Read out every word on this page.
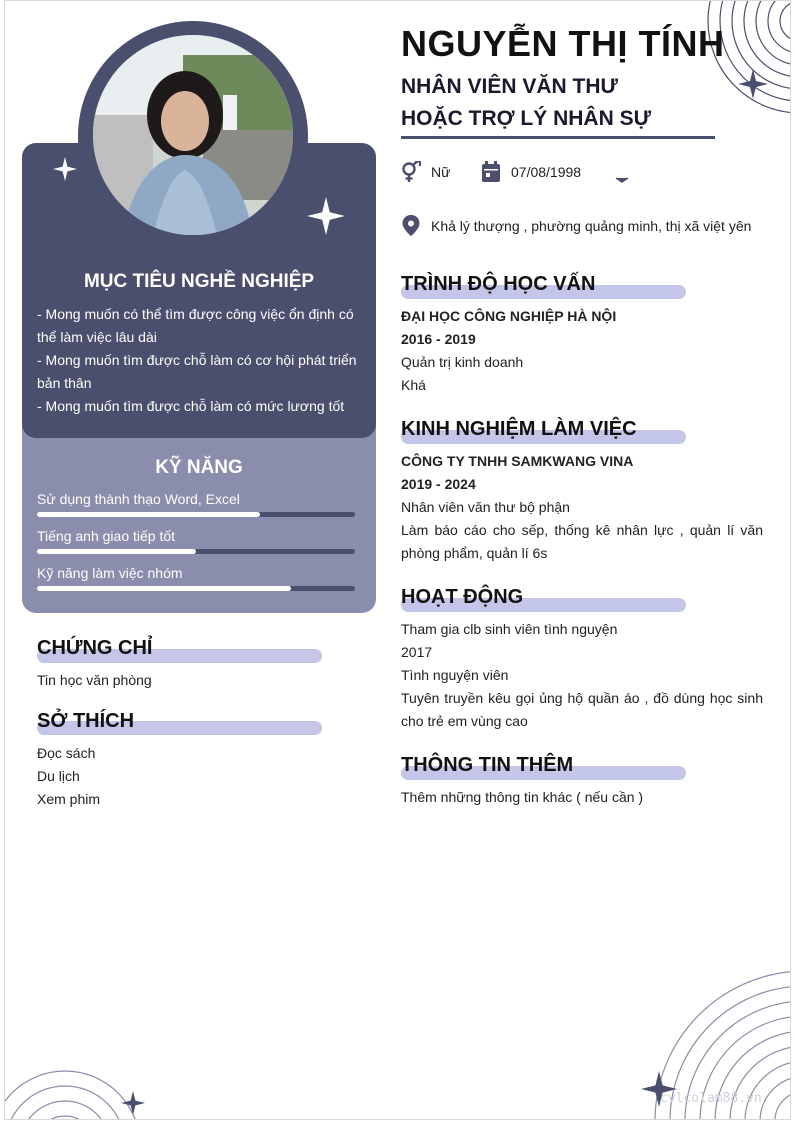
cvlcolam88.vn
MỤC TIÊU NGHỀ NGHIỆP
- Mong muốn có thể tìm được công việc ổn định có thể làm việc lâu dài
- Mong muốn tìm được chỗ làm có cơ hội phát triển bản thân
- Mong muốn tìm được chỗ làm có mức lương tốt
KỸ NĂNG
Sử dụng thành thạo Word, Excel
Tiếng anh giao tiếp tốt
Kỹ năng làm việc nhóm
CHỨNG CHỈ
Tin học văn phòng
SỞ THÍCH
Đọc sách
Du lịch
Xem phim
NGUYỄN THỊ TÍNH
NHÂN VIÊN VĂN THƯ
HOẶC TRỢ LÝ NHÂN SỰ
Nữ	07/08/1998
Khả lý thượng , phường quảng minh, thị xã việt yên
TRÌNH ĐỘ HỌC VẤN
ĐẠI HỌC CÔNG NGHIỆP HÀ NỘI
2016 - 2019
Quản trị kinh doanh
Khá
KINH NGHIỆM LÀM VIỆC
CÔNG TY TNHH SAMKWANG VINA
2019 - 2024
Nhân viên văn thư bộ phận
Làm báo cáo cho sếp, thống kê nhân lực , quản lí văn phòng phẩm, quản lí 6s
HOẠT ĐỘNG
Tham gia clb sinh viên tình nguyện
2017
Tình nguyện viên
Tuyên truyền kêu gọi ủng hộ quần áo , đồ dùng học sinh cho trẻ em vùng cao
THÔNG TIN THÊM
Thêm những thông tin khác ( nếu cần )
